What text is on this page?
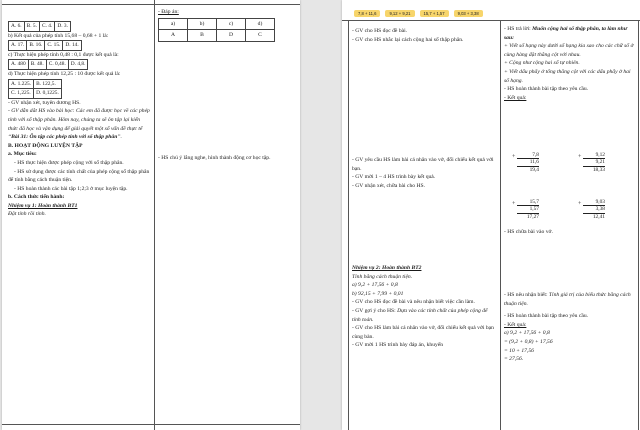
A. 6.	B. 5.	C. 4.	D. 3.

b) Kết quả của phép tính 15,68 – 0,68 + 1 là:

A. 17.	B. 16.	C. 15.	D. 14.

c) Thực hiện phép tính 0,48 : 0,1 được kết quả là:

A. 480	B. 48.	C. 0,48.	D. 4,8.

d) Thực hiện phép tính 12,25 : 10 được kết quả là:

A. 1.225.	B. 122,5.
C. 1,225.	D. 0,1225.

- GV nhận xét, tuyên dương HS.

- GV dẫn dắt HS vào bài học: Các em đã được học về các phép tính với số thập phân. Hôm nay, chúng ta sẽ ôn tập lại kiến thức đã học và vận dụng để giải quyết một số vấn đề thực tế “Bài 31: Ôn tập các phép tính với số thập phân”.

B. HOẠT ĐỘNG LUYỆN TẬP

a. Mục tiêu:

- HS thực hiện được phép cộng với số thập phân.

- HS sử dụng được các tính chất của phép cộng số thập phân để tính bằng cách thuận tiện.

- HS hoàn thành các bài tập 1;2;3 ở mục luyện tập.

b. Cách thức tiến hành:

Nhiệm vụ 1: Hoàn thành BT1

Đặt tính rồi tính.

- Đáp án:

a)	b)	c)	d)
A	B	D	C

- HS chú ý lắng nghe, hình thành động cơ học tập.

7,8 + 11,6	9,12 + 9,21	15,7 + 1,57	9,03 + 3,38

- GV cho HS đọc đề bài.

- GV cho HS nhắc lại cách cộng hai số thập phân.

- GV yêu cầu HS làm bài cá nhân vào vở, đổi chiếu kết quả với bạn.

- GV mời 1 – 4 HS trình bày kết quả.

- GV nhận xét, chữa bài cho HS.

Nhiệm vụ 2: Hoàn thành BT2

Tính bằng cách thuận tiện.

a) 9,2 + 17,56 + 0,8

b) 92,15 + 7,99 + 0,01

- GV cho HS đọc đề bài và nêu nhận biết việc cần làm.

- GV gợi ý cho HS: Dựa vào các tính chất của phép cộng để tính toán.

- GV cho HS làm bài cá nhân vào vở, đổi chiếu kết quả với bạn cùng bàn.

- GV mời 1 HS trình bày đáp án, khuyến

- HS trả lời: Muốn cộng hai số thập phân, ta làm như sau:

+ Viết số hạng này dưới số hạng kia sao cho các chữ số ở cùng hàng đặt thẳng cột với nhau.

+ Cộng như cộng hai số tự nhiên.

+ Viết dấu phẩy ở tổng thẳng cột với các dấu phẩy ở hai số hạng.

- HS hoàn thành bài tập theo yêu cầu.

- Kết quả:

+	7,8
11,6
19,4
+	9,12
9,21
18,33
+	15,7
1,57
17,27
+	9,03
3,38
12,41

- HS chữa bài vào vở.

- HS nêu nhận biết: Tính giá trị của biểu thức bằng cách thuận tiện.

- HS hoàn thành bài tập theo yêu cầu.

- Kết quả:

a) 9,2 + 17,56 + 0,8

= (9,2 + 0,8) + 17,56

= 10 + 17,56

= 27,56.
